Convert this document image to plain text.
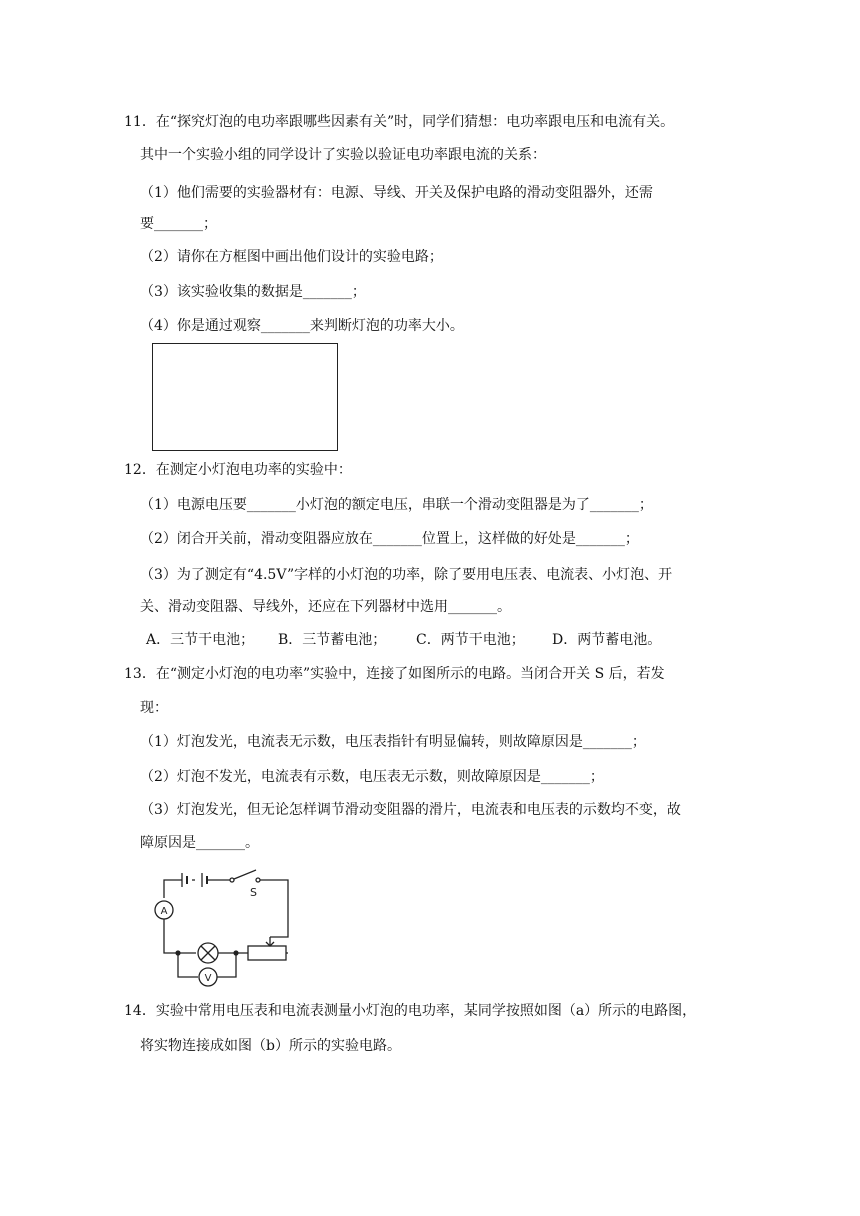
11．在“探究灯泡的电功率跟哪些因素有关”时，同学们猜想：电功率跟电压和电流有关。
其中一个实验小组的同学设计了实验以验证电功率跟电流的关系：
（1）他们需要的实验器材有：电源、导线、开关及保护电路的滑动变阻器外，还需
要_______；
（2）请你在方框图中画出他们设计的实验电路；
（3）该实验收集的数据是_______；
（4）你是通过观察_______来判断灯泡的功率大小。
12．在测定小灯泡电功率的实验中：
（1）电源电压要_______小灯泡的额定电压，串联一个滑动变阻器是为了_______；
（2）闭合开关前，滑动变阻器应放在_______位置上，这样做的好处是_______；
（3）为了测定有“4.5V”字样的小灯泡的功率，除了要用电压表、电流表、小灯泡、开
关、滑动变阻器、导线外，还应在下列器材中选用_______。
A．三节干电池； B．三节蓄电池； C．两节干电池； D．两节蓄电池。
13．在“测定小灯泡的电功率”实验中，连接了如图所示的电路。当闭合开关 S 后，若发
现：
（1）灯泡发光，电流表无示数，电压表指针有明显偏转，则故障原因是_______；
（2）灯泡不发光，电流表有示数，电压表无示数，则故障原因是_______；
（3）灯泡发光，但无论怎样调节滑动变阻器的滑片，电流表和电压表的示数均不变，故
障原因是_______。
S
A
V
14．实验中常用电压表和电流表测量小灯泡的电功率，某同学按照如图（a）所示的电路图，
将实物连接成如图（b）所示的实验电路。
